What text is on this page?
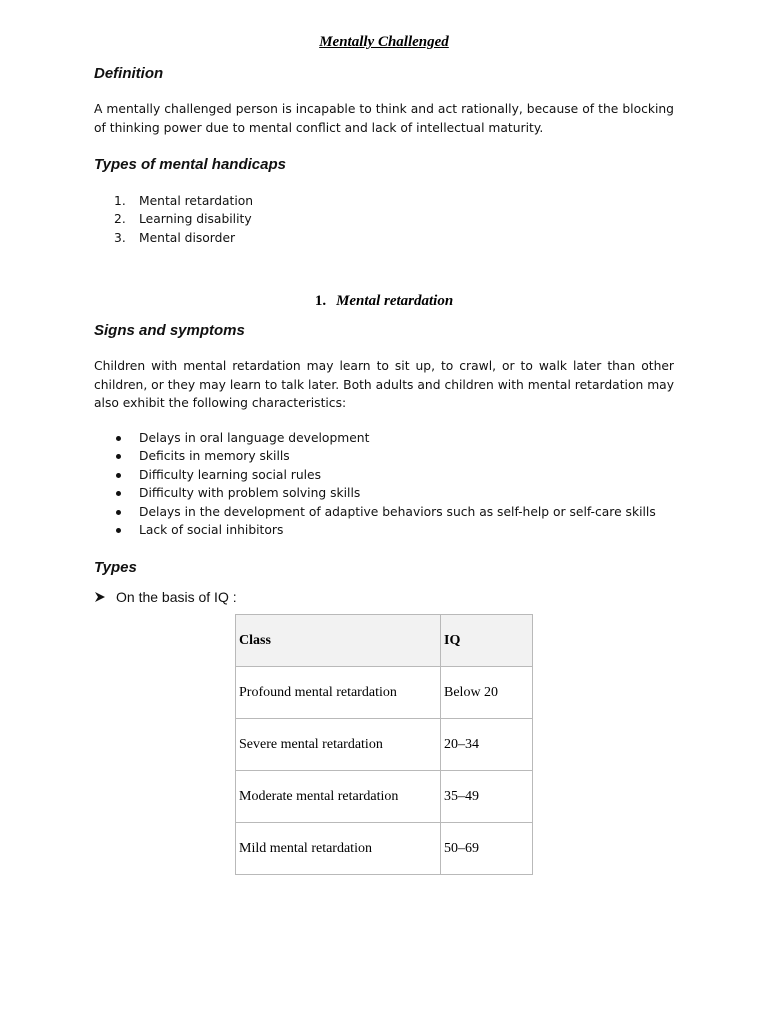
Mentally Challenged
Definition
A mentally challenged person is incapable to think and act rationally, because of the blocking of thinking power due to mental conflict and lack of intellectual maturity.
Types of mental handicaps
1. Mental retardation
2. Learning disability
3. Mental disorder
1. Mental retardation
Signs and symptoms
Children with mental retardation may learn to sit up, to crawl, or to walk later than other children, or they may learn to talk later. Both adults and children with mental retardation may also exhibit the following characteristics:
Delays in oral language development
Deficits in memory skills
Difficulty learning social rules
Difficulty with problem solving skills
Delays in the development of adaptive behaviors such as self-help or self-care skills
Lack of social inhibitors
Types
On the basis of IQ :
Class	IQ
Profound mental retardation	Below 20
Severe mental retardation	20–34
Moderate mental retardation	35–49
Mild mental retardation	50–69
